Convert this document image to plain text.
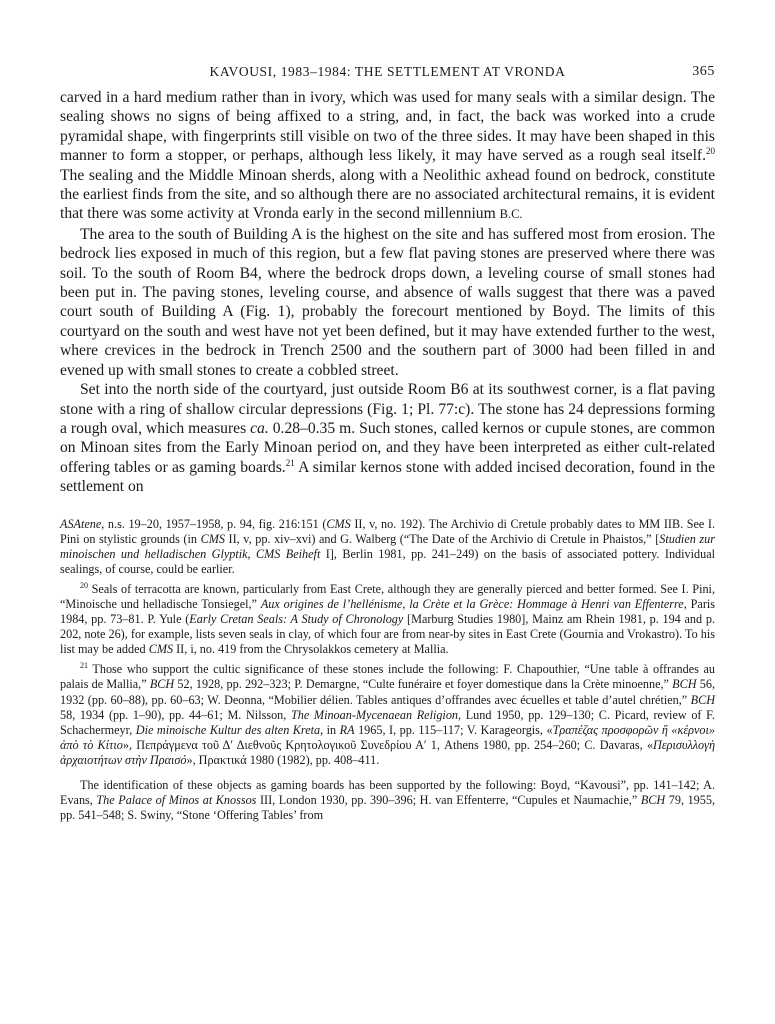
KAVOUSI, 1983–1984: THE SETTLEMENT AT VRONDA	365

carved in a hard medium rather than in ivory, which was used for many seals with a similar design. The sealing shows no signs of being affixed to a string, and, in fact, the back was worked into a crude pyramidal shape, with fingerprints still visible on two of the three sides. It may have been shaped in this manner to form a stopper, or perhaps, although less likely, it may have served as a rough seal itself.$^{20}$ The sealing and the Middle Minoan sherds, along with a Neolithic axhead found on bedrock, constitute the earliest finds from the site, and so although there are no associated architectural remains, it is evident that there was some activity at Vronda early in the second millennium B.C.

The area to the south of Building A is the highest on the site and has suffered most from erosion. The bedrock lies exposed in much of this region, but a few flat paving stones are preserved where there was soil. To the south of Room B4, where the bedrock drops down, a leveling course of small stones had been put in. The paving stones, leveling course, and absence of walls suggest that there was a paved court south of Building A (Fig. 1), probably the forecourt mentioned by Boyd. The limits of this courtyard on the south and west have not yet been defined, but it may have extended further to the west, where crevices in the bedrock in Trench 2500 and the southern part of 3000 had been filled in and evened up with small stones to create a cobbled street.

Set into the north side of the courtyard, just outside Room B6 at its southwest corner, is a flat paving stone with a ring of shallow circular depressions (Fig. 1; Pl. 77:c). The stone has 24 depressions forming a rough oval, which measures ca. 0.28–0.35 m. Such stones, called kernos or cupule stones, are common on Minoan sites from the Early Minoan period on, and they have been interpreted as either cult-related offering tables or as gaming boards.$^{21}$ A similar kernos stone with added incised decoration, found in the settlement on

ASAtene, n.s. 19–20, 1957–1958, p. 94, fig. 216:151 (CMS II, v, no. 192). The Archivio di Cretule probably dates to MM IIB. See I. Pini on stylistic grounds (in CMS II, v, pp. xiv–xvi) and G. Walberg (“The Date of the Archivio di Cretule in Phaistos,” [Studien zur minoischen und helladischen Glyptik, CMS Beiheft I], Berlin 1981, pp. 241–249) on the basis of associated pottery. Individual sealings, of course, could be earlier.

$^{20}$ Seals of terracotta are known, particularly from East Crete, although they are generally pierced and better formed. See I. Pini, “Minoische und helladische Tonsiegel,” Aux origines de l’hellénisme, la Crète et la Grèce: Hommage à Henri van Effenterre, Paris 1984, pp. 73–81. P. Yule (Early Cretan Seals: A Study of Chronology [Marburg Studies 1980], Mainz am Rhein 1981, p. 194 and p. 202, note 26), for example, lists seven seals in clay, of which four are from near-by sites in East Crete (Gournia and Vrokastro). To his list may be added CMS II, i, no. 419 from the Chrysolakkos cemetery at Mallia.

$^{21}$ Those who support the cultic significance of these stones include the following: F. Chapouthier, “Une table à offrandes au palais de Mallia,” BCH 52, 1928, pp. 292–323; P. Demargne, “Culte funéraire et foyer domestique dans la Crète minoenne,” BCH 56, 1932 (pp. 60–88), pp. 60–63; W. Deonna, “Mobilier délien. Tables antiques d’offrandes avec écuelles et table d’autel chrétien,” BCH 58, 1934 (pp. 1–90), pp. 44–61; M. Nilsson, The Minoan-Mycenaean Religion, Lund 1950, pp. 129–130; C. Picard, review of F. Schachermeyr, Die minoische Kultur des alten Kreta, in RA 1965, I, pp. 115–117; V. Karageorgis, «Τραπέζας προσφορῶν ἢ «κέρνοι» ἀπὸ τὸ Κίτιο», Πεπράγμενα τοῦ Δ′ Διεθνοῦς Κρητολογικοῦ Συνεδρίου Α′ 1, Athens 1980, pp. 254–260; C. Davaras, «Περισυλλογὴ ἀρχαιοτήτων στὴν Πραισό», Πρακτικά 1980 (1982), pp. 408–411.

The identification of these objects as gaming boards has been supported by the following: Boyd, “Kavousi”, pp. 141–142; A. Evans, The Palace of Minos at Knossos III, London 1930, pp. 390–396; H. van Effenterre, “Cupules et Naumachie,” BCH 79, 1955, pp. 541–548; S. Swiny, “Stone ‘Offering Tables’ from
